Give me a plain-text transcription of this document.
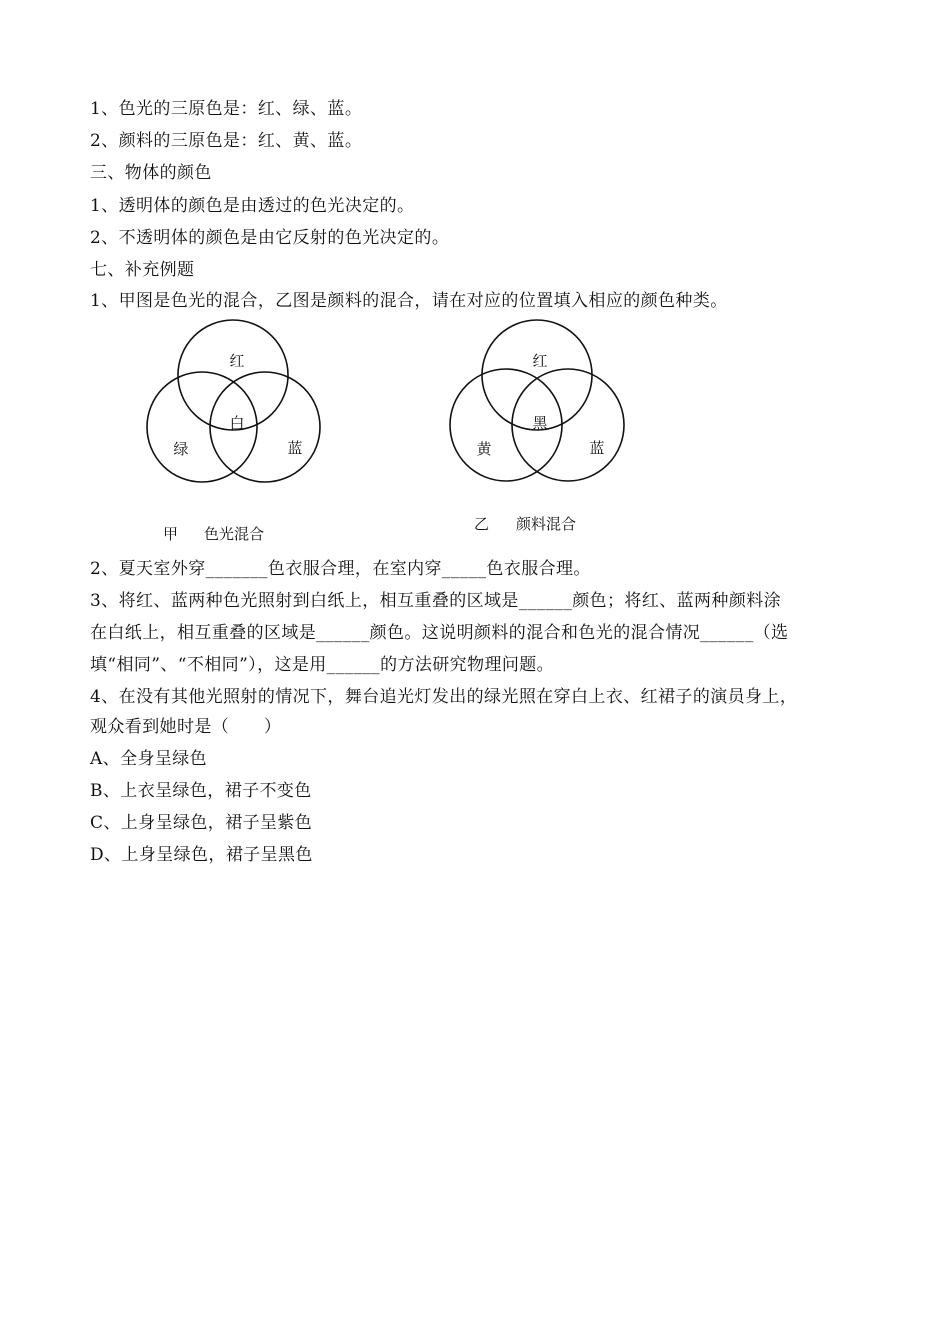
1、色光的三原色是：红、绿、蓝。
2、颜料的三原色是：红、黄、蓝。
三、物体的颜色
1、透明体的颜色是由透过的色光决定的。
2、不透明体的颜色是由它反射的色光决定的。
七、补充例题
1、甲图是色光的混合，乙图是颜料的混合，请在对应的位置填入相应的颜色种类。
红
绿	蓝
白
甲 色光混合
红
黄	蓝
黑
乙 颜料混合
2、夏天室外穿_______色衣服合理，在室内穿_____色衣服合理。
3、将红、蓝两种色光照射到白纸上，相互重叠的区域是______颜色；将红、蓝两种颜料涂
在白纸上，相互重叠的区域是______颜色。这说明颜料的混合和色光的混合情况______（选
填“相同”、“不相同”），这是用______的方法研究物理问题。
4、在没有其他光照射的情况下，舞台追光灯发出的绿光照在穿白上衣、红裙子的演员身上，
观众看到她时是（　　）
A、全身呈绿色
B、上衣呈绿色，裙子不变色
C、上身呈绿色，裙子呈紫色
D、上身呈绿色，裙子呈黑色
